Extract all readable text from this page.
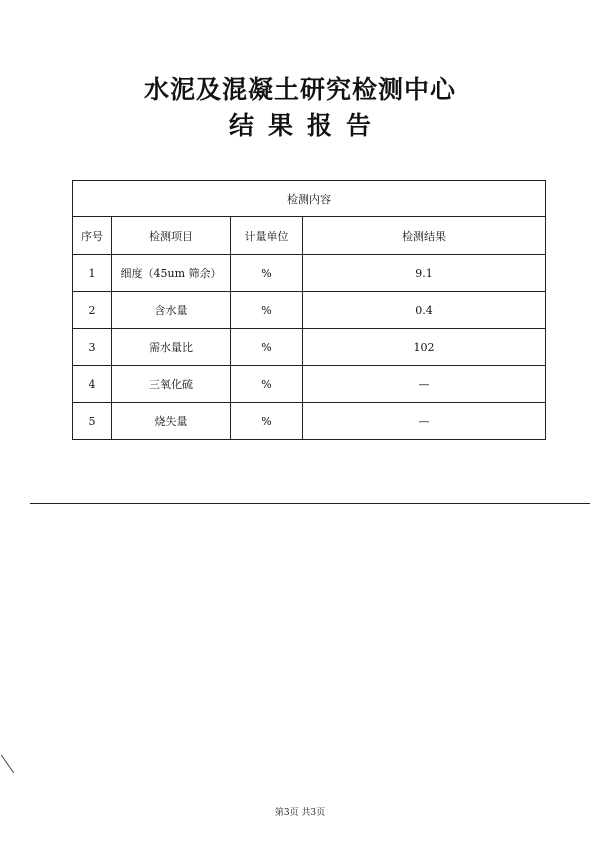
水泥及混凝土研究检测中心
结果报告
检测内容			
序号	检测项目	计量单位	检测结果
1	细度（45um 筛余）	%	9.1
2	含水量	%	0.4
3	需水量比	%	102
4	三氧化硫	%	—
5	烧失量	%	—
第3页 共3页
